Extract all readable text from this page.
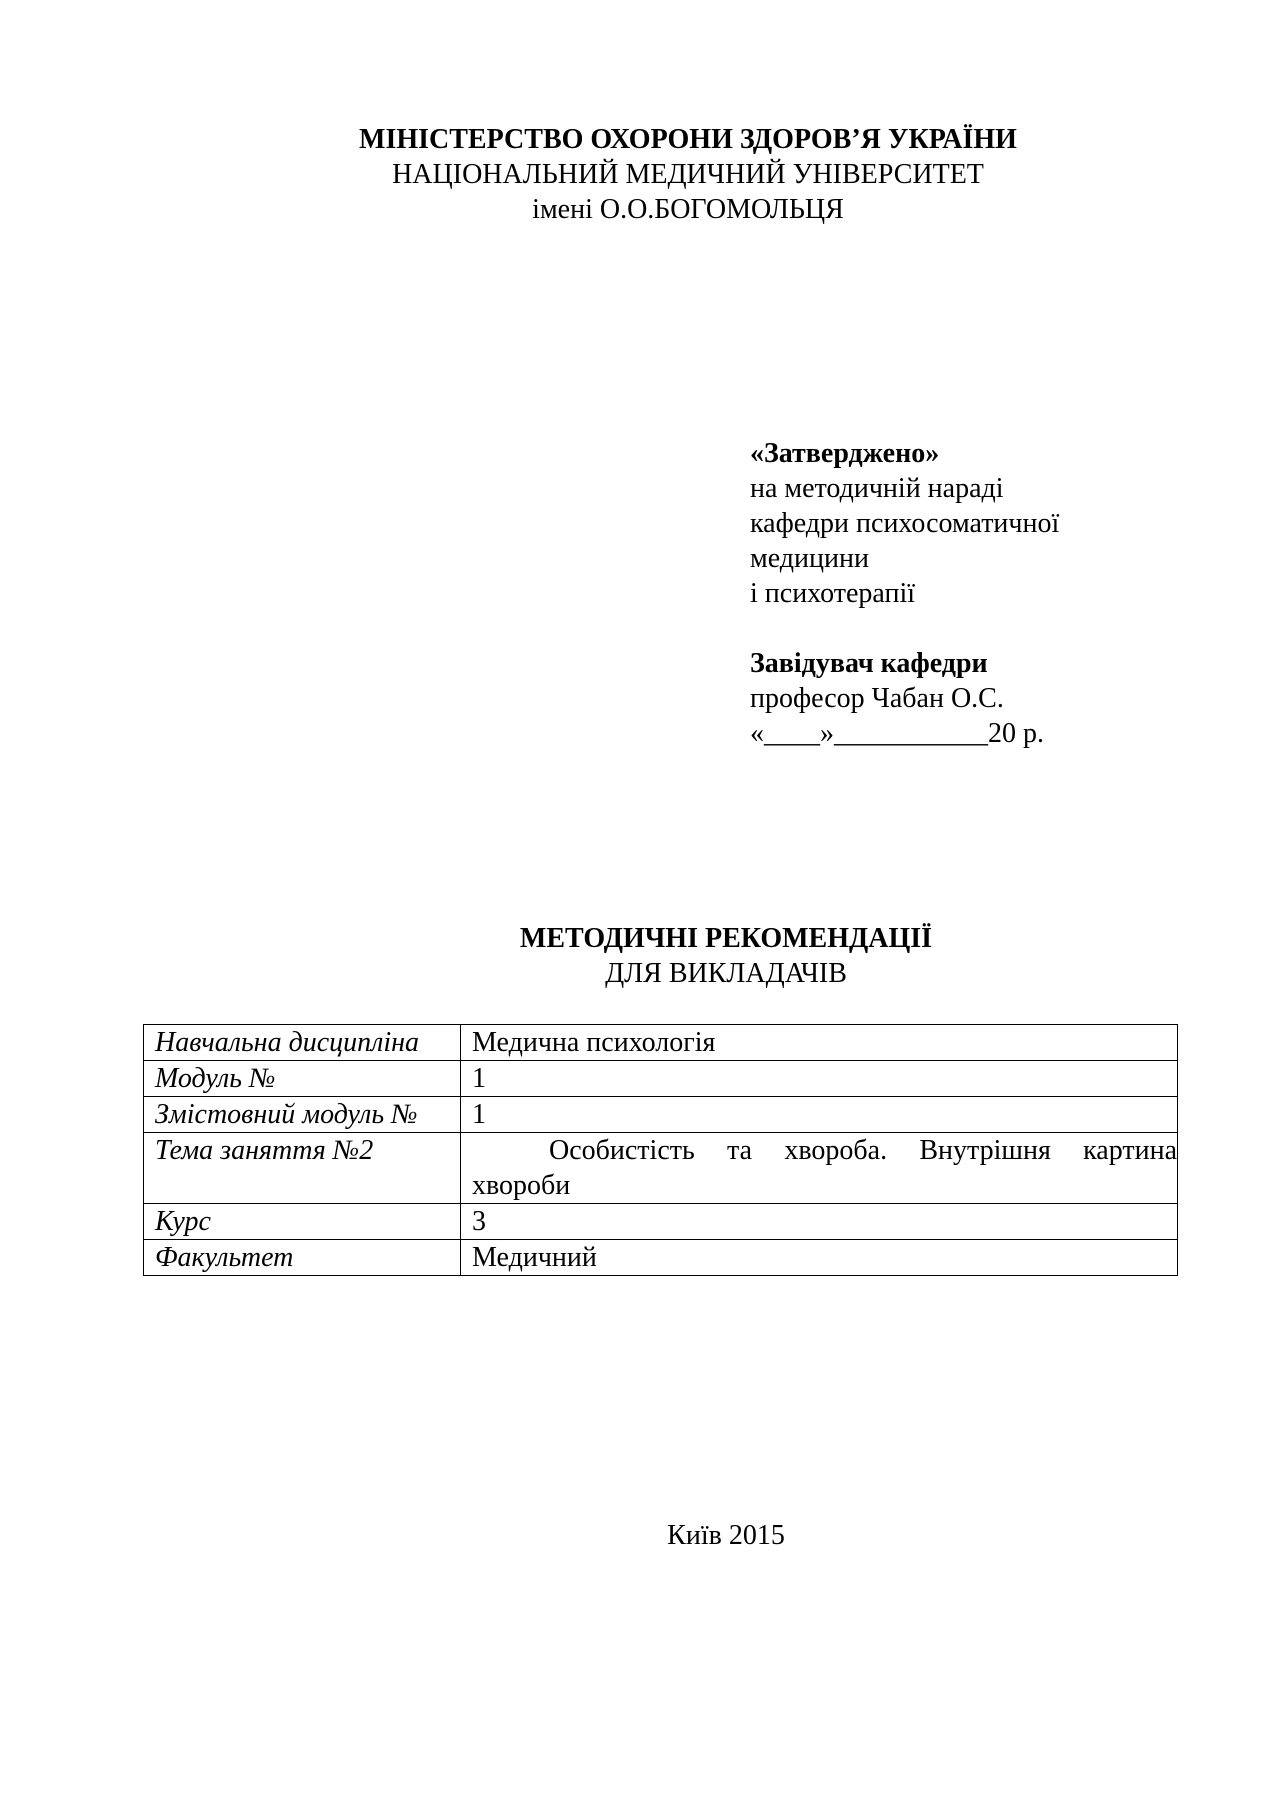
МІНІСТЕРСТВО ОХОРОНИ ЗДОРОВ’Я УКРАЇНИ
НАЦІОНАЛЬНИЙ МЕДИЧНИЙ УНІВЕРСИТЕТ
імені О.О.БОГОМОЛЬЦЯ
«Затверджено»
на методичній нараді
кафедри психосоматичної
медицини
і психотерапії
Завідувач кафедри
професор Чабан О.С.
«____»___________20 р.
МЕТОДИЧНІ РЕКОМЕНДАЦІЇ
ДЛЯ ВИКЛАДАЧІВ
Навчальна дисципліна	Медична психологія
Модуль №	1
Змістовний модуль №	1
Тема заняття №2	Особистість та хвороба. Внутрішня картина хвороби
Курс	3
Факультет	Медичний
Київ 2015
